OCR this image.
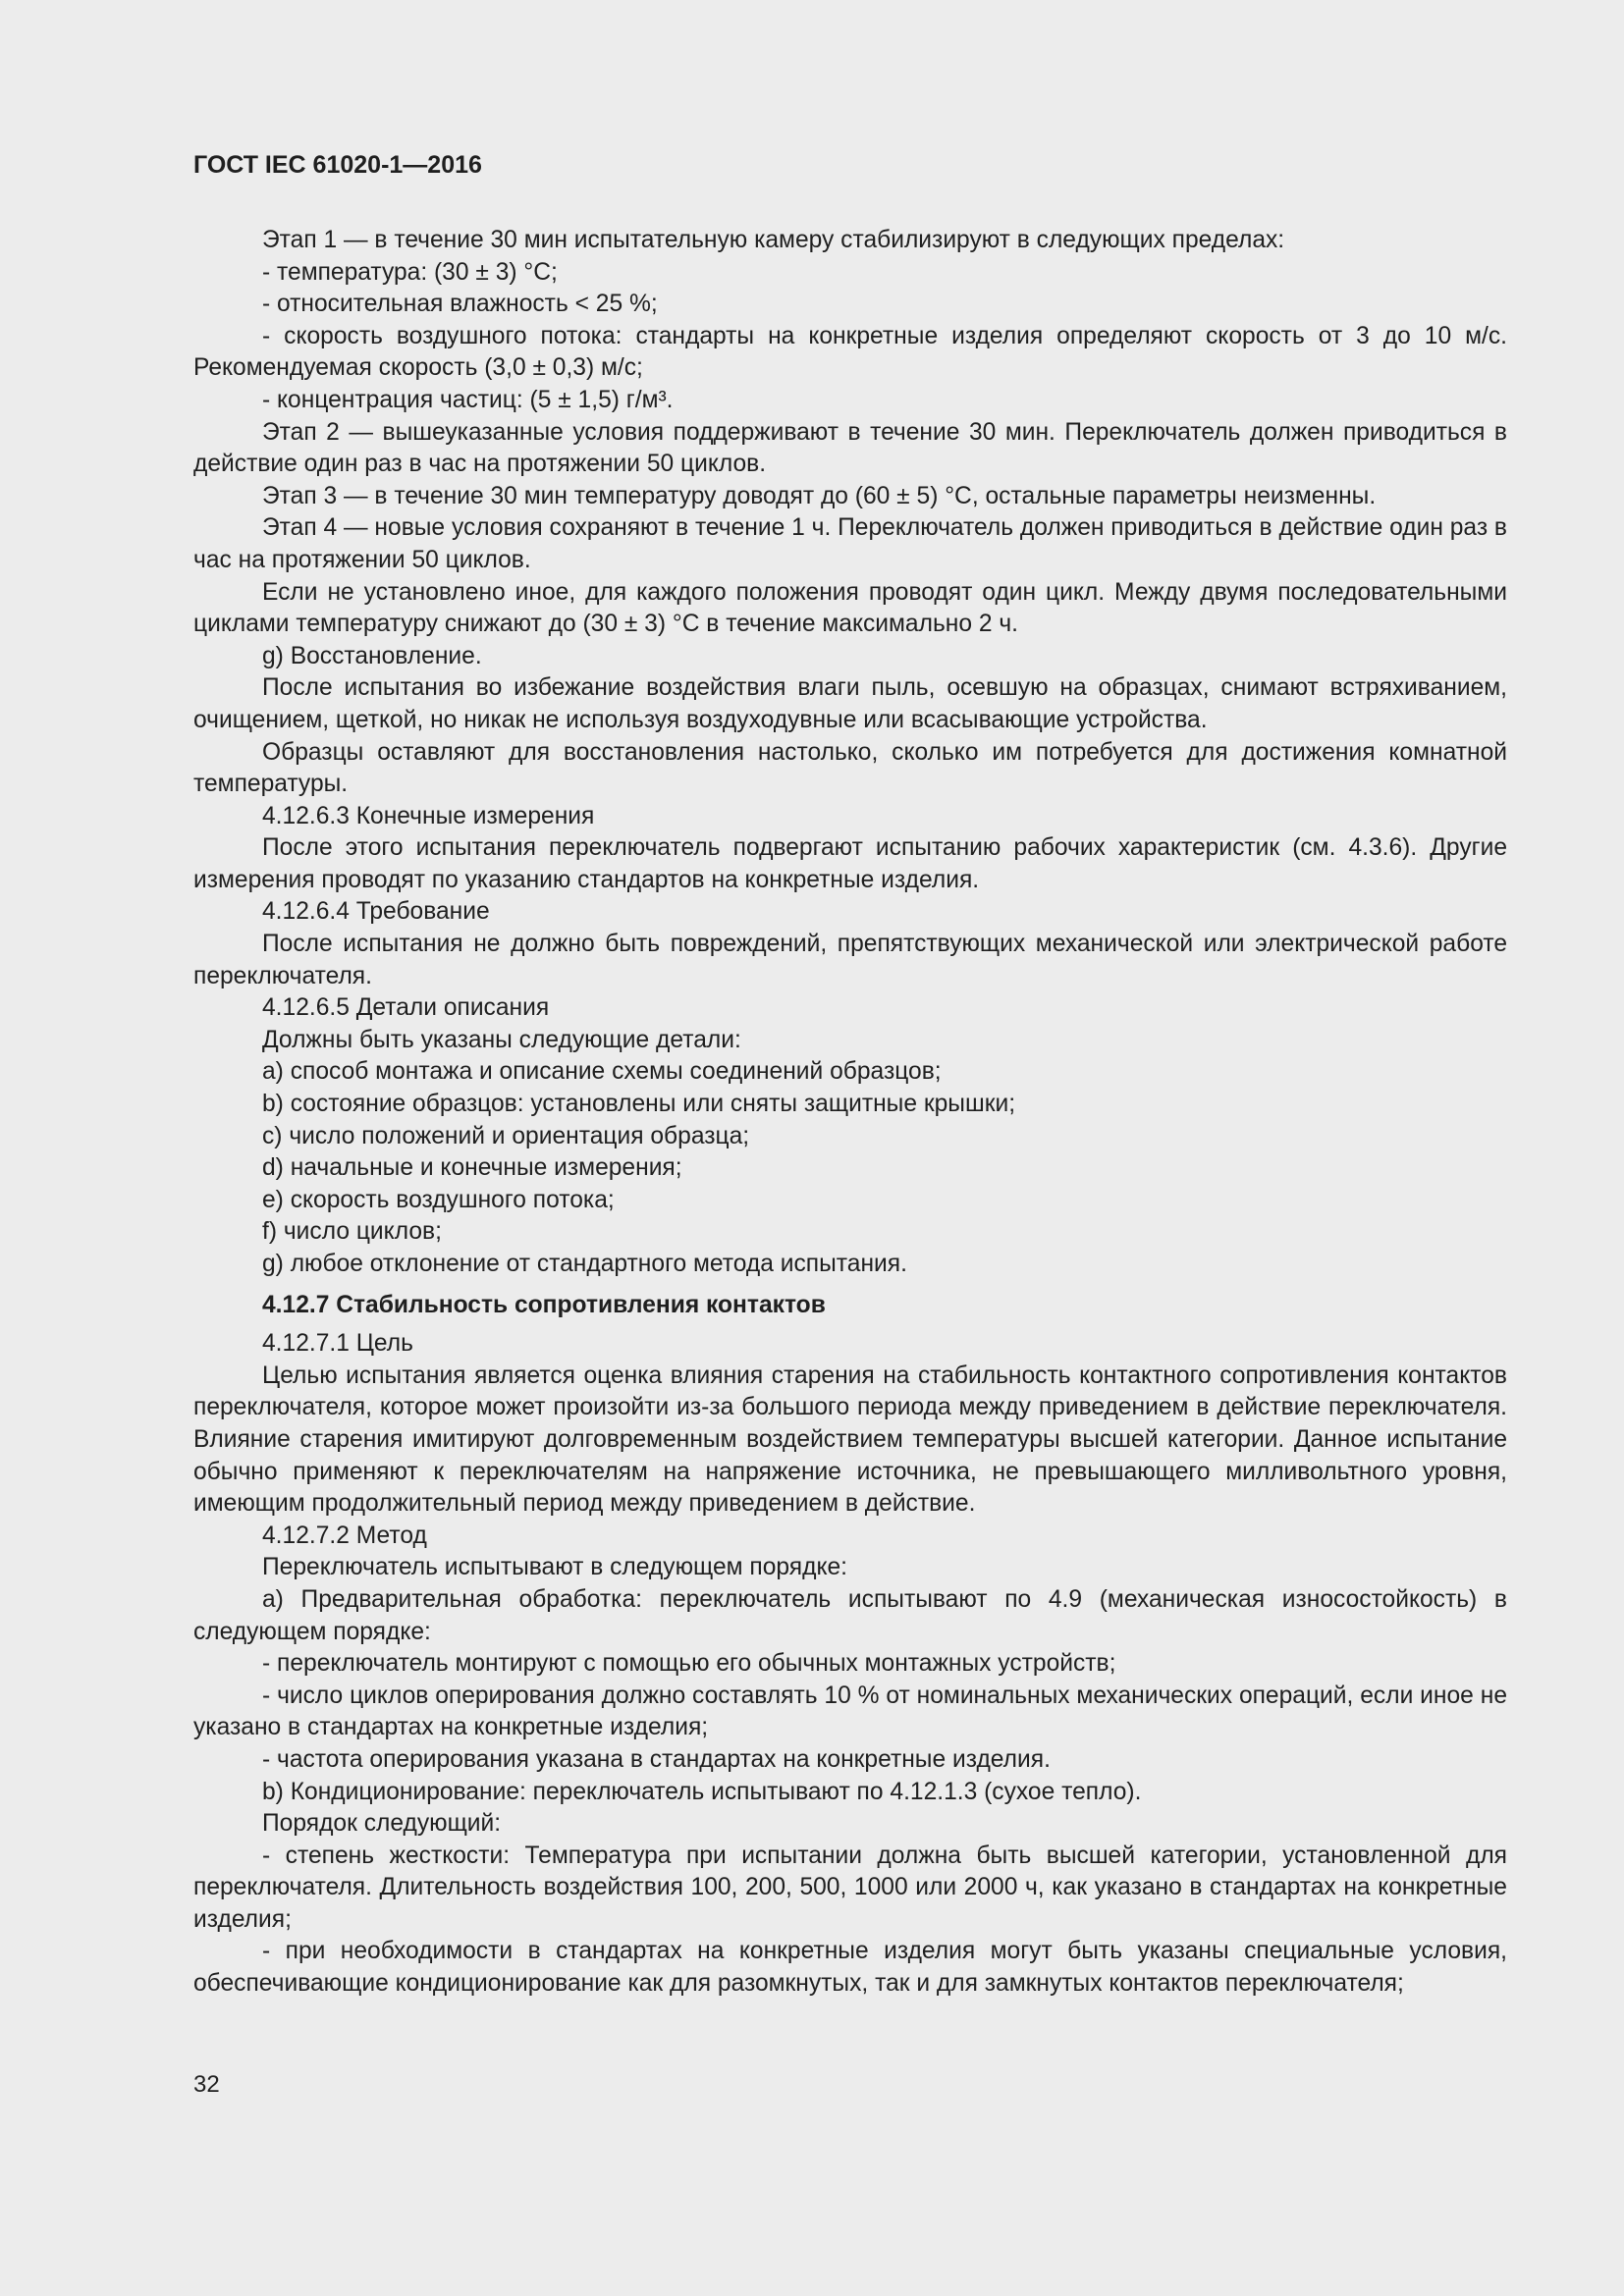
ГОСТ IEC 61020-1—2016

Этап 1 — в течение 30 мин испытательную камеру стабилизируют в следующих пределах:

- температура: (30 ± 3) °С;

- относительная влажность < 25 %;

- скорость воздушного потока: стандарты на конкретные изделия определяют скорость от 3 до 10 м/с. Рекомендуемая скорость (3,0 ± 0,3) м/с;

- концентрация частиц: (5 ± 1,5) г/м³.

Этап 2 — вышеуказанные условия поддерживают в течение 30 мин. Переключатель должен приводиться в действие один раз в час на протяжении 50 циклов.

Этап 3 — в течение 30 мин температуру доводят до (60 ± 5) °С, остальные параметры неизменны.

Этап 4 — новые условия сохраняют в течение 1 ч. Переключатель должен приводиться в действие один раз в час на протяжении 50 циклов.

Если не установлено иное, для каждого положения проводят один цикл. Между двумя последовательными циклами температуру снижают до (30 ± 3) °С в течение максимально 2 ч.

g) Восстановление.

После испытания во избежание воздействия влаги пыль, осевшую на образцах, снимают встряхиванием, очищением, щеткой, но никак не используя воздуходувные или всасывающие устройства.

Образцы оставляют для восстановления настолько, сколько им потребуется для достижения комнатной температуры.

4.12.6.3 Конечные измерения

После этого испытания переключатель подвергают испытанию рабочих характеристик (см. 4.3.6). Другие измерения проводят по указанию стандартов на конкретные изделия.

4.12.6.4 Требование

После испытания не должно быть повреждений, препятствующих механической или электрической работе переключателя.

4.12.6.5 Детали описания

Должны быть указаны следующие детали:

a) способ монтажа и описание схемы соединений образцов;

b) состояние образцов: установлены или сняты защитные крышки;

c) число положений и ориентация образца;

d) начальные и конечные измерения;

e) скорость воздушного потока;

f) число циклов;

g) любое отклонение от стандартного метода испытания.

4.12.7 Стабильность сопротивления контактов

4.12.7.1 Цель

Целью испытания является оценка влияния старения на стабильность контактного сопротивления контактов переключателя, которое может произойти из-за большого периода между приведением в действие переключателя. Влияние старения имитируют долговременным воздействием температуры высшей категории. Данное испытание обычно применяют к переключателям на напряжение источника, не превышающего милливольтного уровня, имеющим продолжительный период между приведением в действие.

4.12.7.2 Метод

Переключатель испытывают в следующем порядке:

a) Предварительная обработка: переключатель испытывают по 4.9 (механическая износостойкость) в следующем порядке:

- переключатель монтируют с помощью его обычных монтажных устройств;

- число циклов оперирования должно составлять 10 % от номинальных механических операций, если иное не указано в стандартах на конкретные изделия;

- частота оперирования указана в стандартах на конкретные изделия.

b) Кондиционирование: переключатель испытывают по 4.12.1.3 (сухое тепло).

Порядок следующий:

- степень жесткости: Температура при испытании должна быть высшей категории, установленной для переключателя. Длительность воздействия 100, 200, 500, 1000 или 2000 ч, как указано в стандартах на конкретные изделия;

- при необходимости в стандартах на конкретные изделия могут быть указаны специальные условия, обеспечивающие кондиционирование как для разомкнутых, так и для замкнутых контактов переключателя;

32
